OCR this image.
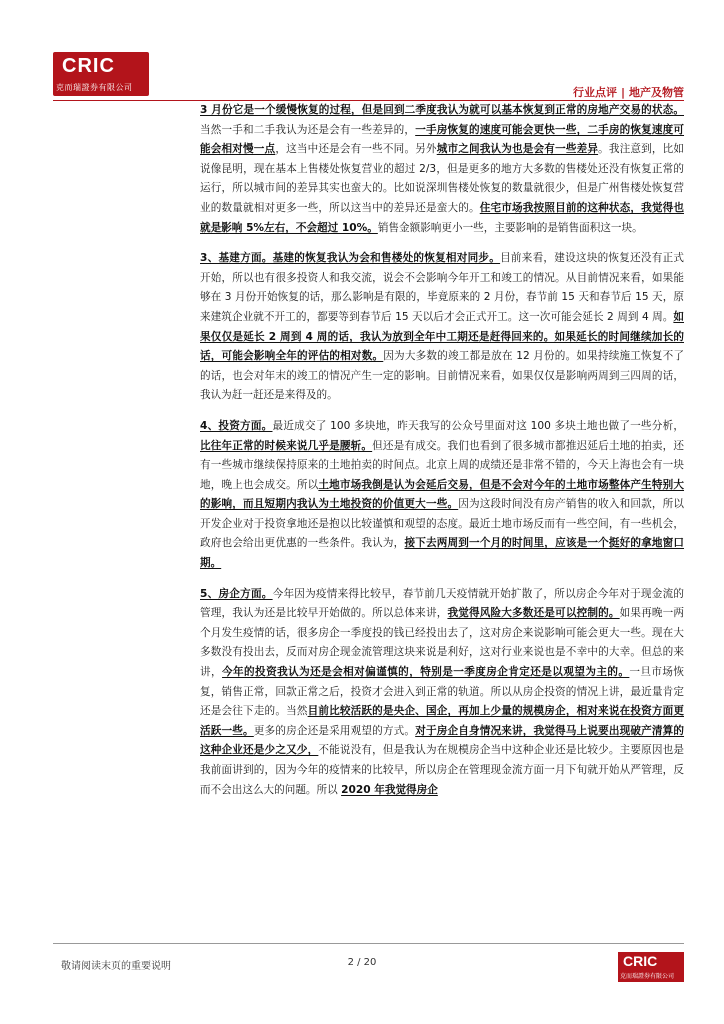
CRIC
克而瑞證券有限公司	行业点评 | 地产及物管

3 月份它是一个缓慢恢复的过程，但是回到二季度我认为就可以基本恢复到正常的房地产交易的状态。当然一手和二手我认为还是会有一些差异的，一手房恢复的速度可能会更快一些，二手房的恢复速度可能会相对慢一点，这当中还是会有一些不同。另外城市之间我认为也是会有一些差异。我注意到，比如说像昆明，现在基本上售楼处恢复营业的超过 2/3，但是更多的地方大多数的售楼处还没有恢复正常的运行，所以城市间的差异其实也蛮大的。比如说深圳售楼处恢复的数量就很少，但是广州售楼处恢复营业的数量就相对更多一些，所以这当中的差异还是蛮大的。住宅市场我按照目前的这种状态，我觉得也就是影响 5%左右，不会超过 10%。销售金额影响更小一些，主要影响的是销售面积这一块。

3、基建方面。基建的恢复我认为会和售楼处的恢复相对同步。目前来看，建设这块的恢复还没有正式开始，所以也有很多投资人和我交流，说会不会影响今年开工和竣工的情况。从目前情况来看，如果能够在 3 月份开始恢复的话，那么影响是有限的，毕竟原来的 2 月份，春节前 15 天和春节后 15 天，原来建筑企业就不开工的，都要等到春节后 15 天以后才会正式开工。这一次可能会延长 2 周到 4 周。如果仅仅是延长 2 周到 4 周的话，我认为放到全年中工期还是赶得回来的。如果延长的时间继续加长的话，可能会影响全年的评估的相对数。因为大多数的竣工都是放在 12 月份的。如果持续施工恢复不了的话，也会对年末的竣工的情况产生一定的影响。目前情况来看，如果仅仅是影响两周到三四周的话，我认为赶一赶还是来得及的。

4、投资方面。最近成交了 100 多块地，昨天我写的公众号里面对这 100 多块土地也做了一些分析，比往年正常的时候来说几乎是腰斩。但还是有成交。我们也看到了很多城市都推迟延后土地的拍卖，还有一些城市继续保持原来的土地拍卖的时间点。北京上周的成绩还是非常不错的，今天上海也会有一块地，晚上也会成交。所以土地市场我倒是认为会延后交易，但是不会对今年的土地市场整体产生特别大的影响，而且短期内我认为土地投资的价值更大一些。因为这段时间没有房产销售的收入和回款，所以开发企业对于投资拿地还是抱以比较谨慎和观望的态度。最近土地市场反而有一些空间，有一些机会，政府也会给出更优惠的一些条件。我认为，接下去两周到一个月的时间里，应该是一个挺好的拿地窗口期。

5、房企方面。今年因为疫情来得比较早，春节前几天疫情就开始扩散了，所以房企今年对于现金流的管理，我认为还是比较早开始做的。所以总体来讲，我觉得风险大多数还是可以控制的。如果再晚一两个月发生疫情的话，很多房企一季度投的钱已经投出去了，这对房企来说影响可能会更大一些。现在大多数没有投出去，反而对房企现金流管理这块来说是利好，这对行业来说也是不幸中的大幸。但总的来讲，今年的投资我认为还是会相对偏谨慎的，特别是一季度房企肯定还是以观望为主的。一旦市场恢复，销售正常，回款正常之后，投资才会进入到正常的轨道。所以从房企投资的情况上讲，最近量肯定还是会往下走的。当然目前比较活跃的是央企、国企，再加上少量的规模房企，相对来说在投资方面更活跃一些。更多的房企还是采用观望的方式。对于房企自身情况来讲，我觉得马上说要出现破产清算的这种企业还是少之又少，不能说没有，但是我认为在规模房企当中这种企业还是比较少。主要原因也是我前面讲到的，因为今年的疫情来的比较早，所以房企在管理现金流方面一月下旬就开始从严管理，反而不会出这么大的问题。所以 2020 年我觉得房企

敬请阅读末页的重要说明	2 / 20	CRIC
克而瑞證券有限公司
